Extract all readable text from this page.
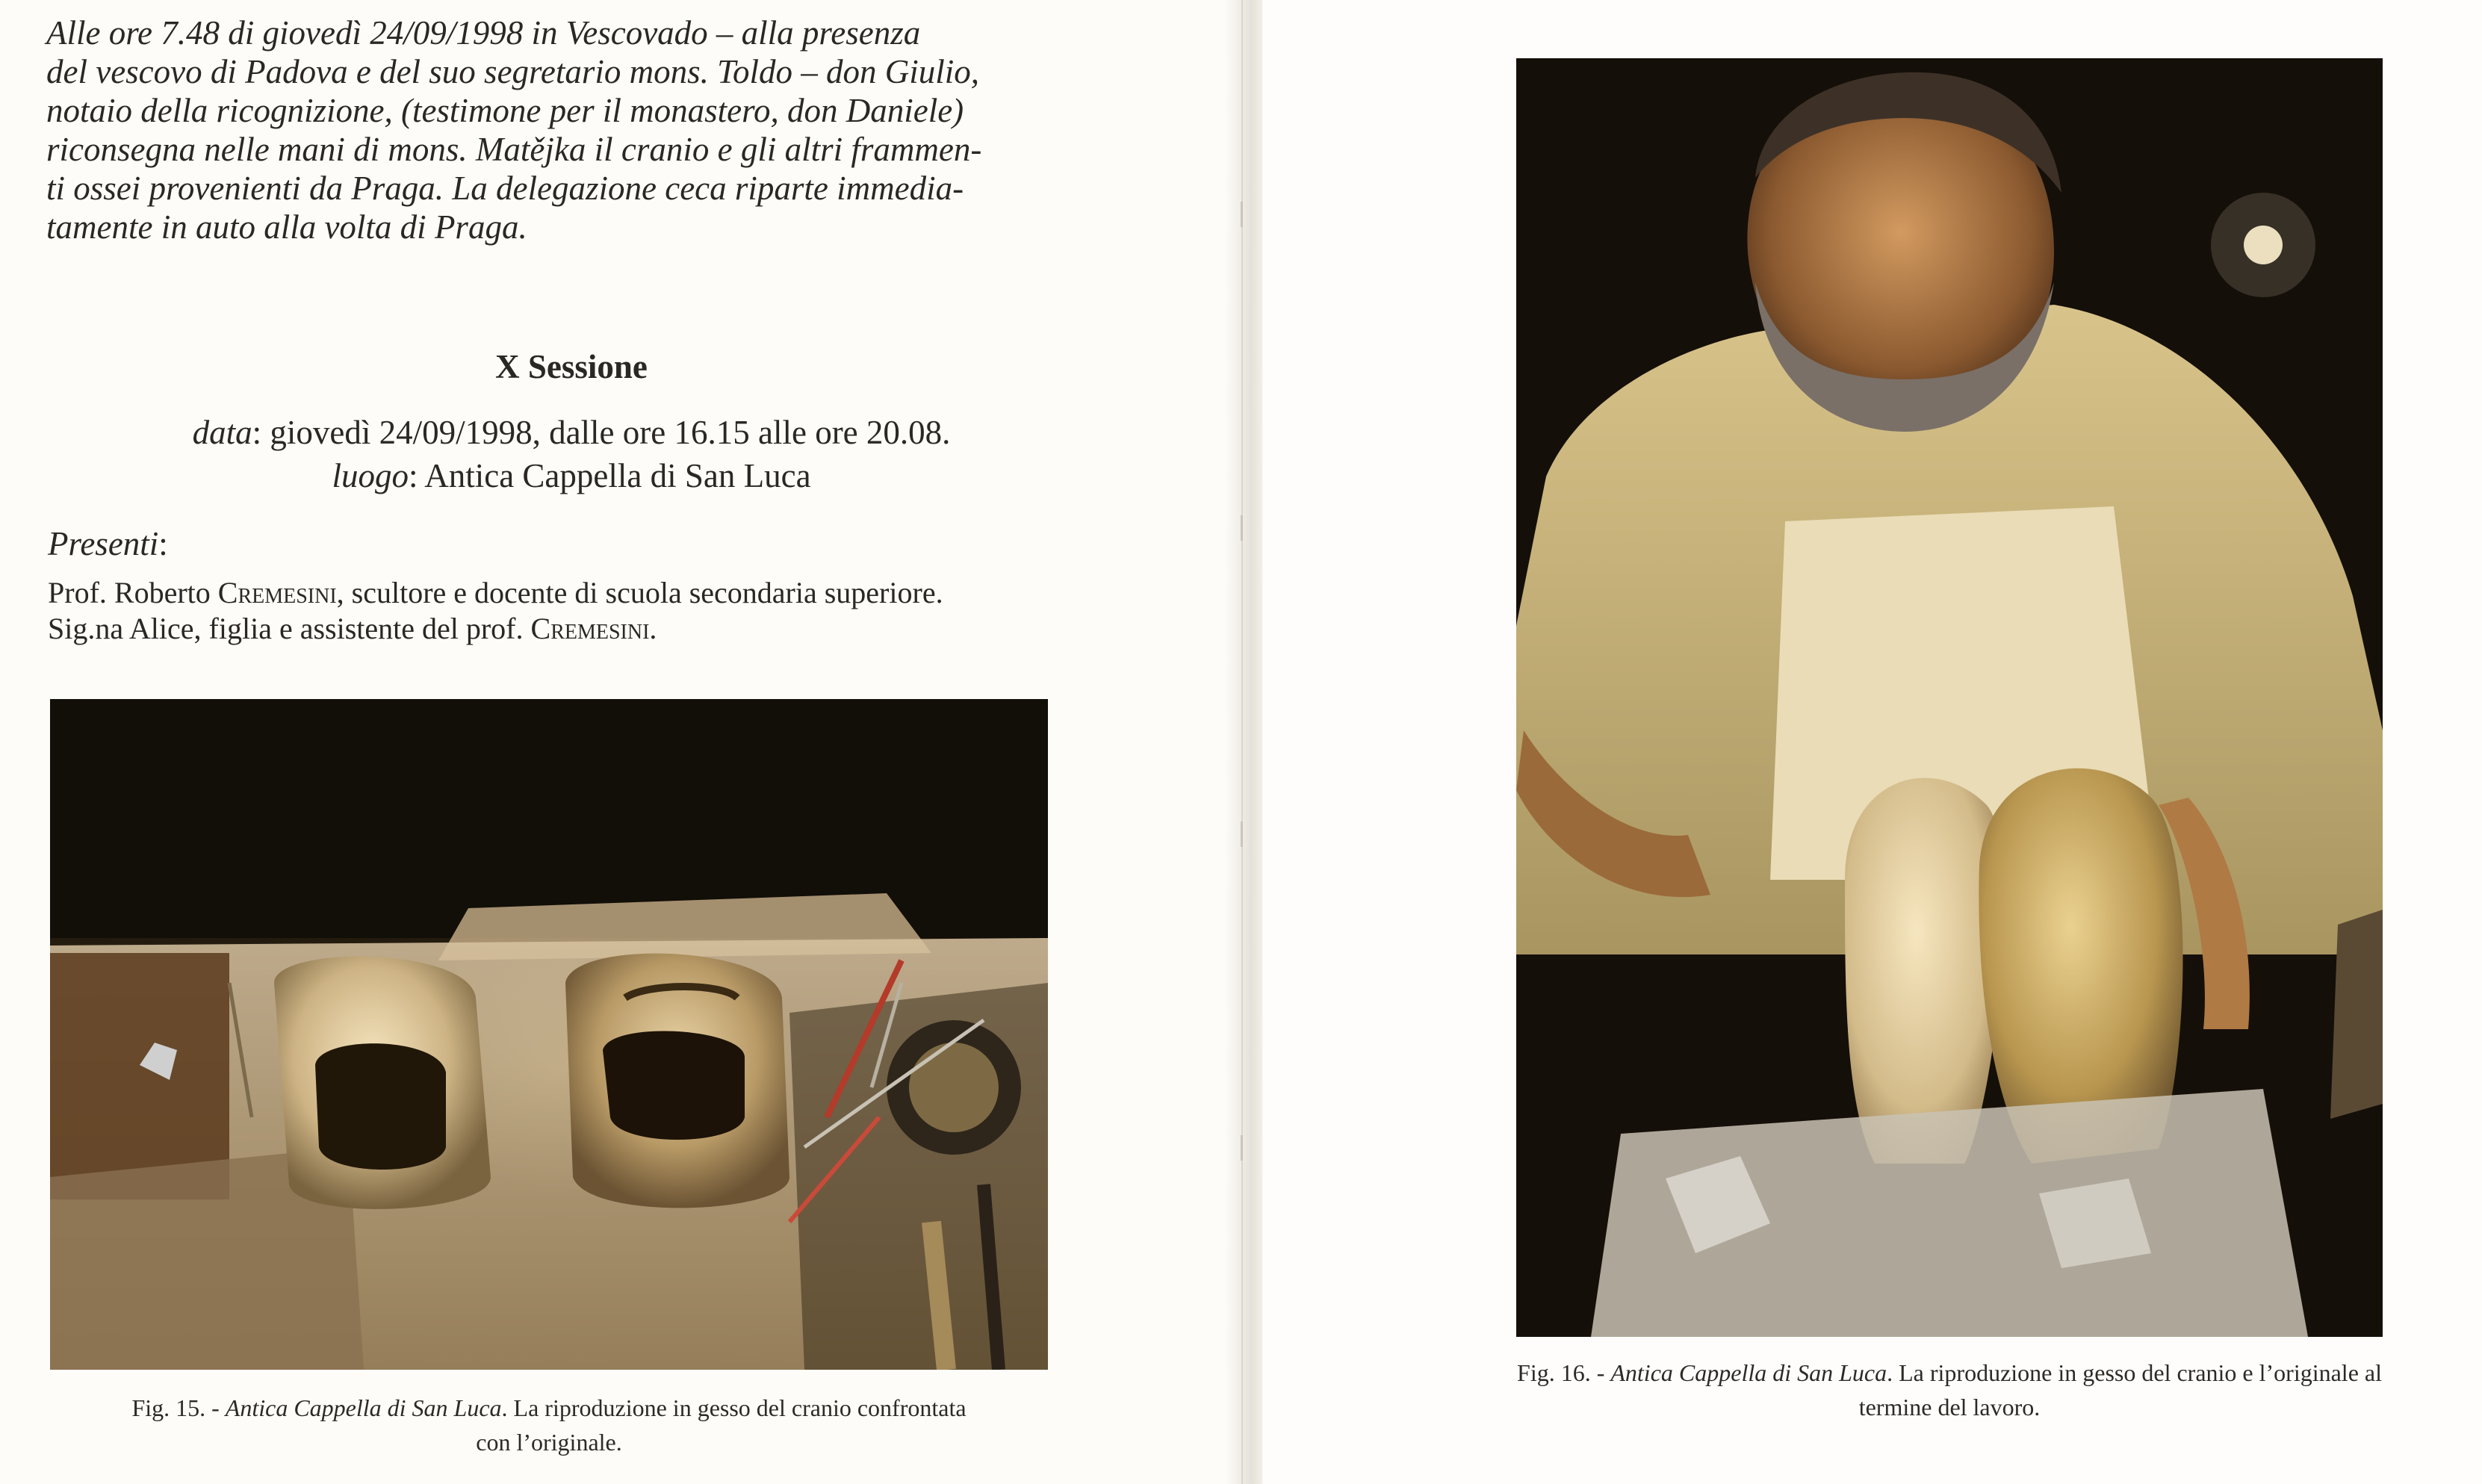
Alle ore 7.48 di giovedì 24/09/1998 in Vescovado – alla presenza
del vescovo di Padova e del suo segretario mons. Toldo – don Giulio,
notaio della ricognizione, (testimone per il monastero, don Daniele)
riconsegna nelle mani di mons. Matějka il cranio e gli altri frammen-
ti ossei provenienti da Praga. La delegazione ceca riparte immedia-
tamente in auto alla volta di Praga.

X Sessione
data: giovedì 24/09/1998, dalle ore 16.15 alle ore 20.08.
luogo: Antica Cappella di San Luca
Presenti:
Prof. Roberto Cremesini, scultore e docente di scuola secondaria superiore.
Sig.na Alice, figlia e assistente del prof. Cremesini.
Fig. 15. - Antica Cappella di San Luca. La riproduzione in gesso del cranio confrontata
con l’originale.
Fig. 16. - Antica Cappella di San Luca. La riproduzione in gesso del cranio e l’originale al
termine del lavoro.
